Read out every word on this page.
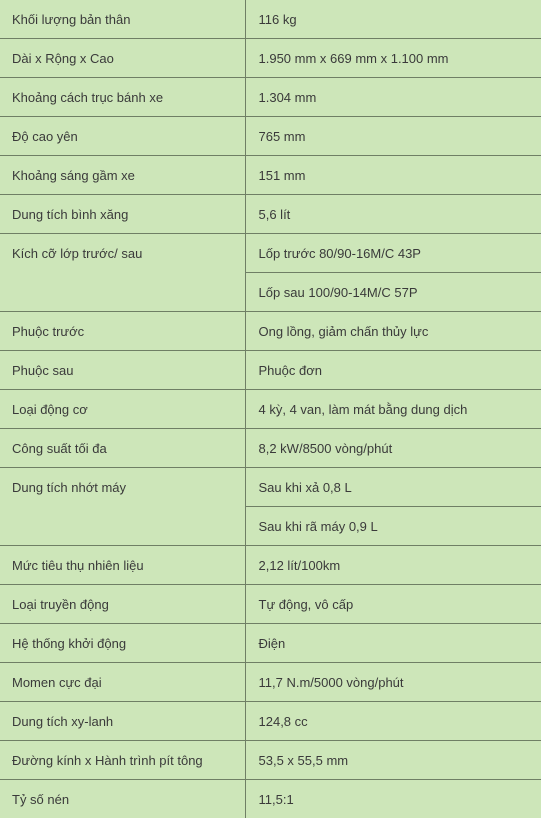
Khối lượng bản thân	116 kg
Dài x Rộng x Cao	1.950 mm x 669 mm x 1.100 mm
Khoảng cách trục bánh xe	1.304 mm
Độ cao yên	765 mm
Khoảng sáng gầm xe	151 mm
Dung tích bình xăng	5,6 lít
Kích cỡ lớp trước/ sau	Lốp trước 80/90-16M/C 43P
	Lốp sau 100/90-14M/C 57P
Phuộc trước	Ong lồng, giảm chấn thủy lực
Phuộc sau	Phuộc đơn
Loại động cơ	4 kỳ, 4 van, làm mát bằng dung dịch
Công suất tối đa	8,2 kW/8500 vòng/phút
Dung tích nhớt máy	Sau khi xả 0,8 L
	Sau khi rã máy 0,9 L
Mức tiêu thụ nhiên liệu	2,12 lít/100km
Loại truyền động	Tự động, vô cấp
Hệ thống khởi động	Điện
Momen cực đại	11,7 N.m/5000 vòng/phút
Dung tích xy-lanh	124,8 cc
Đường kính x Hành trình pít tông	53,5 x 55,5 mm
Tỷ số nén	11,5:1
